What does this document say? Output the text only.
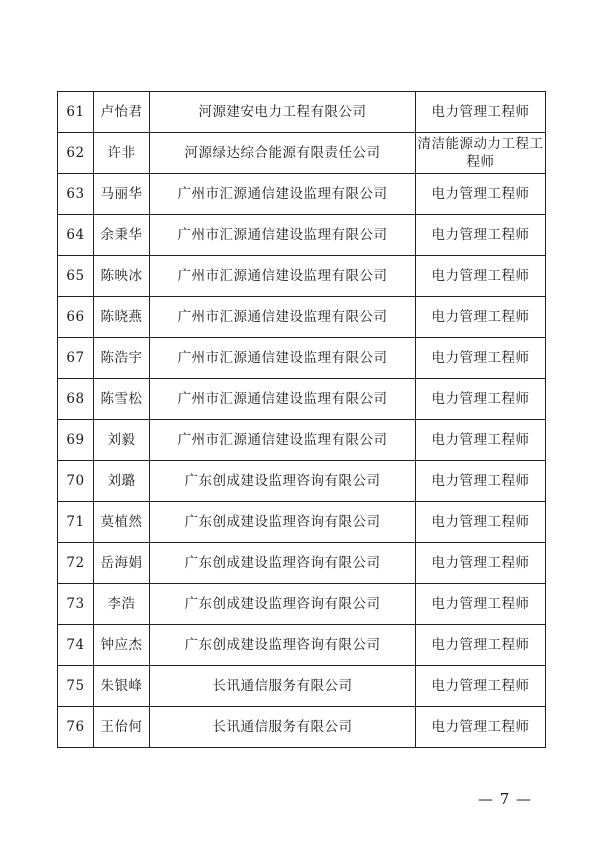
61	卢怡君	河源建安电力工程有限公司	电力管理工程师
62	许非	河源绿达综合能源有限责任公司	清洁能源动力工程工程师
63	马丽华	广州市汇源通信建设监理有限公司	电力管理工程师
64	余秉华	广州市汇源通信建设监理有限公司	电力管理工程师
65	陈映冰	广州市汇源通信建设监理有限公司	电力管理工程师
66	陈晓燕	广州市汇源通信建设监理有限公司	电力管理工程师
67	陈浩宇	广州市汇源通信建设监理有限公司	电力管理工程师
68	陈雪松	广州市汇源通信建设监理有限公司	电力管理工程师
69	刘毅	广州市汇源通信建设监理有限公司	电力管理工程师
70	刘璐	广东创成建设监理咨询有限公司	电力管理工程师
71	莫植然	广东创成建设监理咨询有限公司	电力管理工程师
72	岳海娟	广东创成建设监理咨询有限公司	电力管理工程师
73	李浩	广东创成建设监理咨询有限公司	电力管理工程师
74	钟应杰	广东创成建设监理咨询有限公司	电力管理工程师
75	朱银峰	长讯通信服务有限公司	电力管理工程师
76	王佁何	长讯通信服务有限公司	电力管理工程师
— 7 —
